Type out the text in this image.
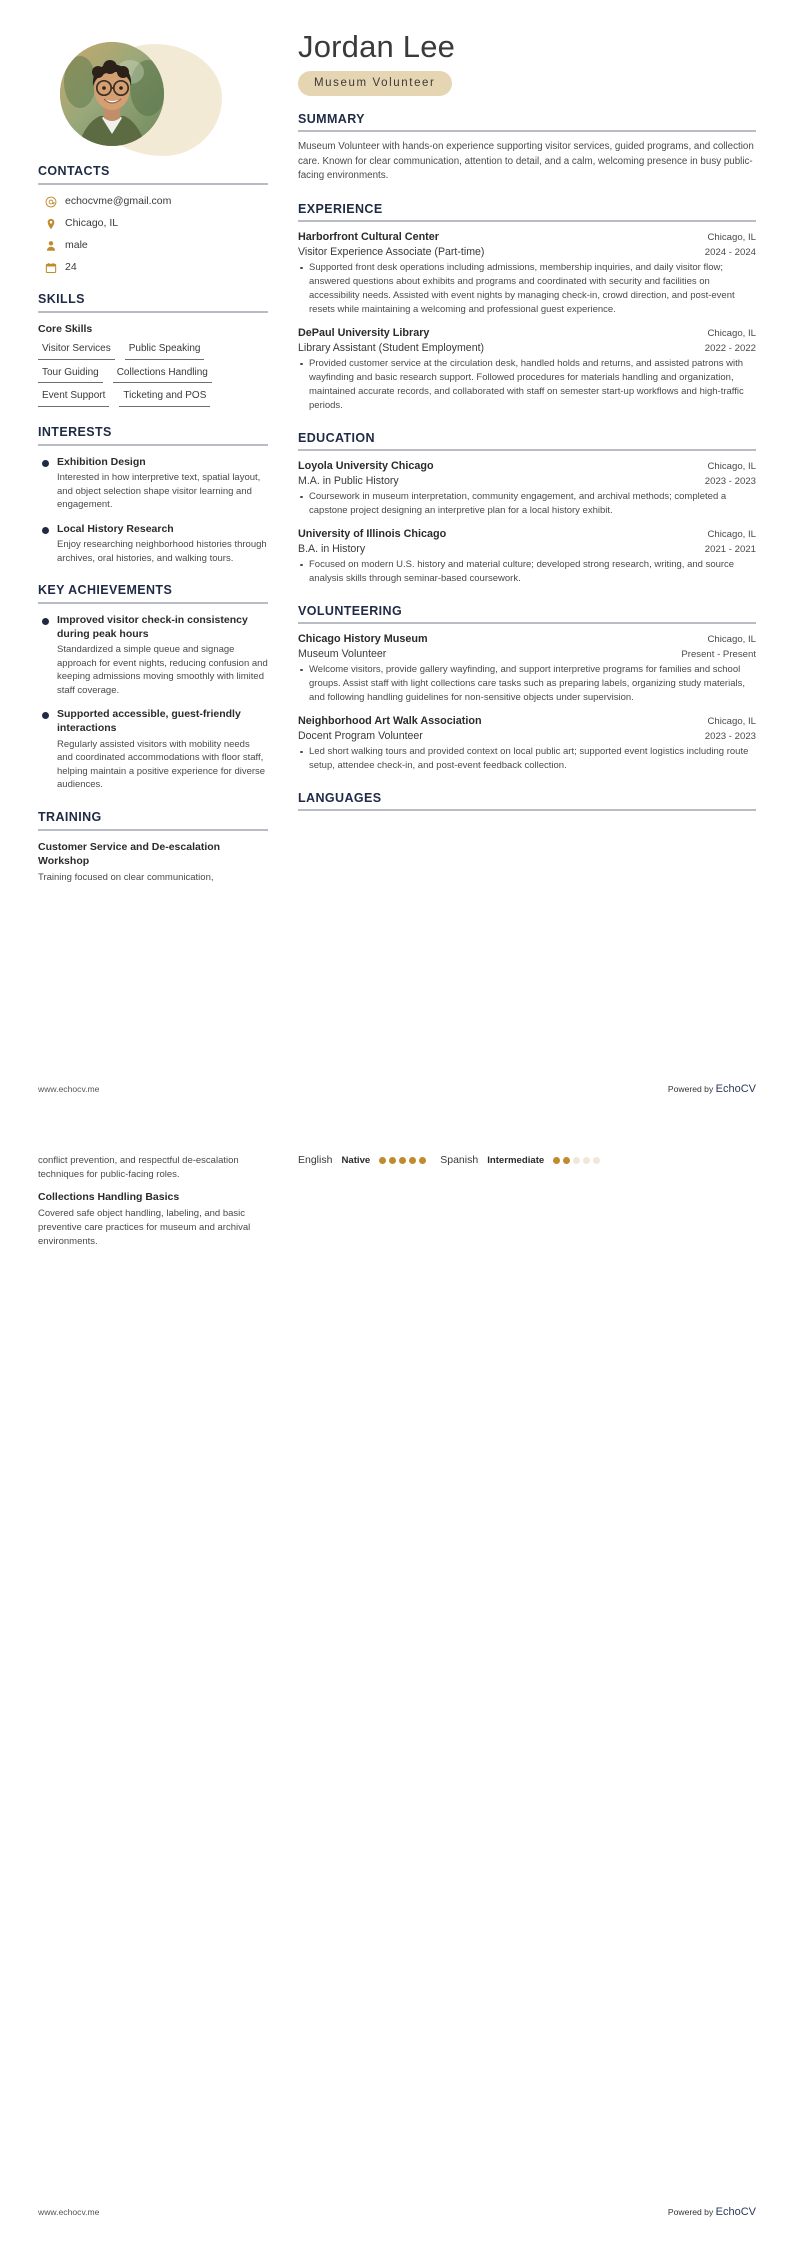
CONTACTS
echocvme@gmail.com
Chicago, IL
male
24
SKILLS
Core Skills
Visitor Services	Public Speaking
Tour Guiding	Collections Handling
Event Support	Ticketing and POS
INTERESTS
Exhibition Design
Interested in how interpretive text, spatial layout, and object selection shape visitor learning and engagement.
Local History Research
Enjoy researching neighborhood histories through archives, oral histories, and walking tours.
KEY ACHIEVEMENTS
Improved visitor check-in consistency during peak hours
Standardized a simple queue and signage approach for event nights, reducing confusion and keeping admissions moving smoothly with limited staff coverage.
Supported accessible, guest-friendly interactions
Regularly assisted visitors with mobility needs and coordinated accommodations with floor staff, helping maintain a positive experience for diverse audiences.
TRAINING
Customer Service and De-escalation Workshop
Training focused on clear communication,
Jordan Lee
Museum Volunteer
SUMMARY
Museum Volunteer with hands-on experience supporting visitor services, guided programs, and collection care. Known for clear communication, attention to detail, and a calm, welcoming presence in busy public-facing environments.
EXPERIENCE
Harborfront Cultural Center	Chicago, IL
Visitor Experience Associate (Part-time)	2024 - 2024
Supported front desk operations including admissions, membership inquiries, and daily visitor flow; answered questions about exhibits and programs and coordinated with security and facilities on accessibility needs. Assisted with event nights by managing check-in, crowd direction, and post-event resets while maintaining a welcoming and professional guest experience.
DePaul University Library	Chicago, IL
Library Assistant (Student Employment)	2022 - 2022
Provided customer service at the circulation desk, handled holds and returns, and assisted patrons with wayfinding and basic research support. Followed procedures for materials handling and organization, maintained accurate records, and collaborated with staff on semester start-up workflows and high-traffic periods.
EDUCATION
Loyola University Chicago	Chicago, IL
M.A. in Public History	2023 - 2023
Coursework in museum interpretation, community engagement, and archival methods; completed a capstone project designing an interpretive plan for a local history exhibit.
University of Illinois Chicago	Chicago, IL
B.A. in History	2021 - 2021
Focused on modern U.S. history and material culture; developed strong research, writing, and source analysis skills through seminar-based coursework.
VOLUNTEERING
Chicago History Museum	Chicago, IL
Museum Volunteer	Present - Present
Welcome visitors, provide gallery wayfinding, and support interpretive programs for families and school groups. Assist staff with light collections care tasks such as preparing labels, organizing study materials, and following handling guidelines for non-sensitive objects under supervision.
Neighborhood Art Walk Association	Chicago, IL
Docent Program Volunteer	2023 - 2023
Led short walking tours and provided context on local public art; supported event logistics including route setup, attendee check-in, and post-event feedback collection.
LANGUAGES
www.echocv.me	Powered by EchoCV
conflict prevention, and respectful de-escalation techniques for public-facing roles.
Collections Handling Basics
Covered safe object handling, labeling, and basic preventive care practices for museum and archival environments.
English Native	Spanish Intermediate
www.echocv.me	Powered by EchoCV
